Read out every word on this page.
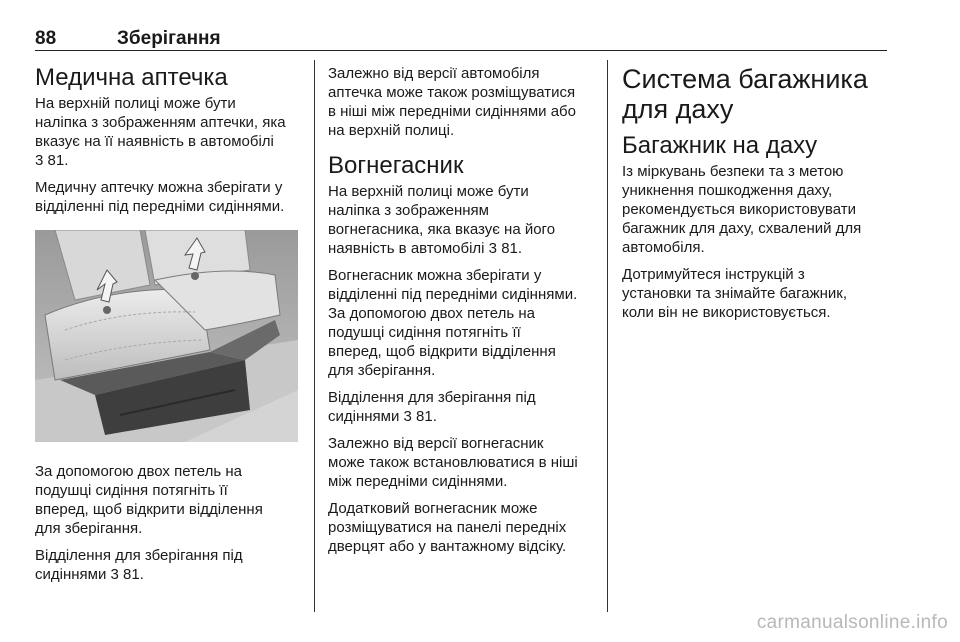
88	Зберігання
Медична аптечка

На верхній полиці може бути
наліпка з зображенням аптечки, яка
вказує на її наявність в автомобілі
3 81.

Медичну аптечку можна зберігати у
відділенні під передніми сидіннями.

За допомогою двох петель на
подушці сидіння потягніть її
вперед, щоб відкрити відділення
для зберігання.

Відділення для зберігання під
сидіннями 3 81.

Залежно від версії автомобіля
аптечка може також розміщуватися
в ніші між передніми сидіннями або
на верхній полиці.

Вогнегасник

На верхній полиці може бути
наліпка з зображенням
вогнегасника, яка вказує на його
наявність в автомобілі 3 81.

Вогнегасник можна зберігати у
відділенні під передніми сидіннями.
За допомогою двох петель на
подушці сидіння потягніть її
вперед, щоб відкрити відділення
для зберігання.

Відділення для зберігання під
сидіннями 3 81.

Залежно від версії вогнегасник
може також встановлюватися в ніші
між передніми сидіннями.

Додатковий вогнегасник може
розміщуватися на панелі передніх
дверцят або у вантажному відсіку.

Система багажника
для даху
Багажник на даху

Із міркувань безпеки та з метою
уникнення пошкодження даху,
рекомендується використовувати
багажник для даху, схвалений для
автомобіля.

Дотримуйтеся інструкцій з
установки та знімайте багажник,
коли він не використовується.

carmanualsonline.info
